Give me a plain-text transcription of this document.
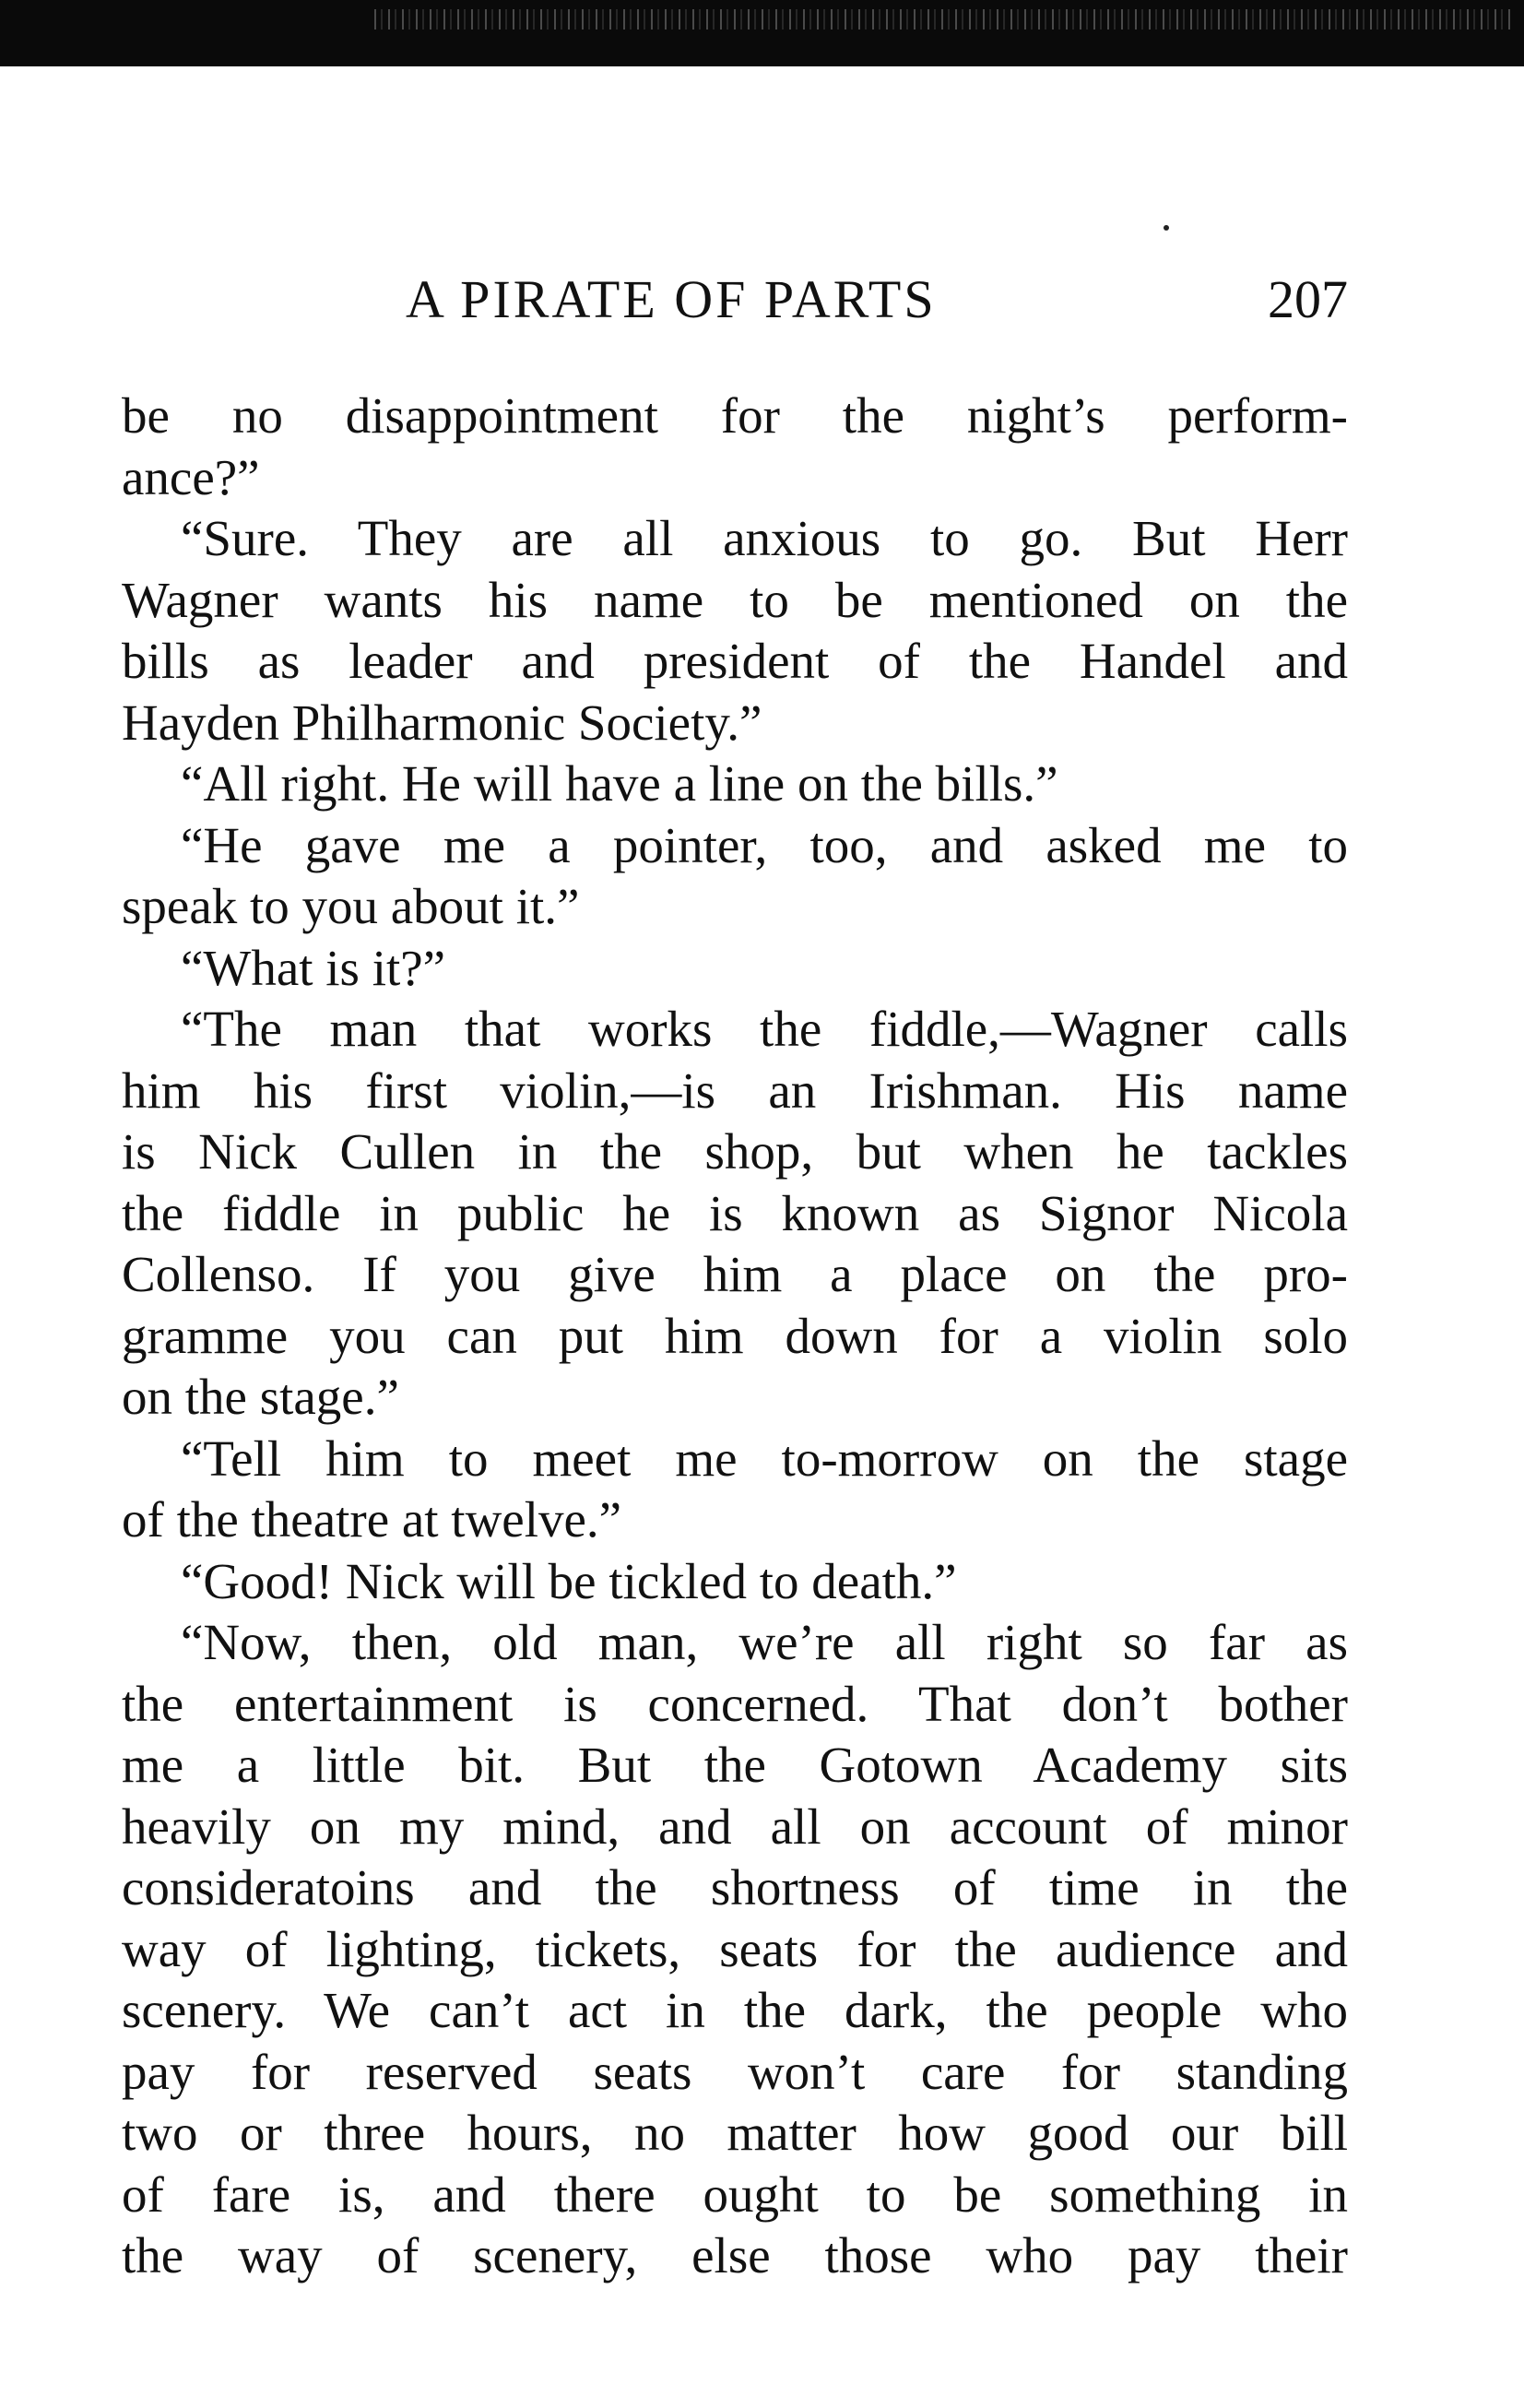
A PIRATE OF PARTS	207
be no disappointment for the night’s perform-
ance?”
“Sure. They are all anxious to go. But Herr
Wagner wants his name to be mentioned on the
bills as leader and president of the Handel and
Hayden Philharmonic Society.”
“All right. He will have a line on the bills.”
“He gave me a pointer, too, and asked me to
speak to you about it.”
“What is it?”
“The man that works the fiddle,—Wagner calls
him his first violin,—is an Irishman. His name
is Nick Cullen in the shop, but when he tackles
the fiddle in public he is known as Signor Nicola
Collenso. If you give him a place on the pro-
gramme you can put him down for a violin solo
on the stage.”
“Tell him to meet me to-morrow on the stage
of the theatre at twelve.”
“Good! Nick will be tickled to death.”
“Now, then, old man, we’re all right so far as
the entertainment is concerned. That don’t bother
me a little bit. But the Gotown Academy sits
heavily on my mind, and all on account of minor
consideratoins and the shortness of time in the
way of lighting, tickets, seats for the audience and
scenery. We can’t act in the dark, the people who
pay for reserved seats won’t care for standing
two or three hours, no matter how good our bill
of fare is, and there ought to be something in
the way of scenery, else those who pay their
